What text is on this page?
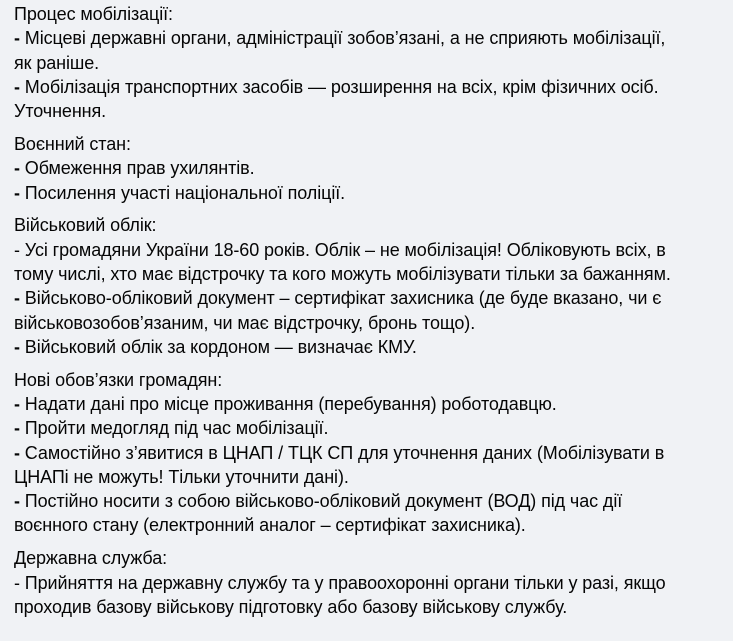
Процес мобілізації:
- Місцеві державні органи, адміністрації зобов’язані, а не сприяють мобілізації,
як раніше.
- Мобілізація транспортних засобів — розширення на всіх, крім фізичних осіб.
Уточнення.
Воєнний стан:
- Обмеження прав ухилянтів.
- Посилення участі національної поліції.
Військовий облік:
- Усі громадяни України 18-60 років. Облік – не мобілізація! Обліковують всіх, в
тому числі, хто має відстрочку та кого можуть мобілізувати тільки за бажанням.
- Військово-обліковий документ – сертифікат захисника (де буде вказано, чи є
військовозобов’язаним, чи має відстрочку, бронь тощо).
- Військовий облік за кордоном — визначає КМУ.
Нові обов’язки громадян:
- Надати дані про місце проживання (перебування) роботодавцю.
- Пройти медогляд під час мобілізації.
- Самостійно з’явитися в ЦНАП / ТЦК СП для уточнення даних (Мобілізувати в
ЦНАПі не можуть! Тільки уточнити дані).
- Постійно носити з собою військово-обліковий документ (ВОД) під час дії
воєнного стану (електронний аналог – сертифікат захисника).
Державна служба:
- Прийняття на державну службу та у правоохоронні органи тільки у разі, якщо
проходив базову військову підготовку або базову військову службу.
